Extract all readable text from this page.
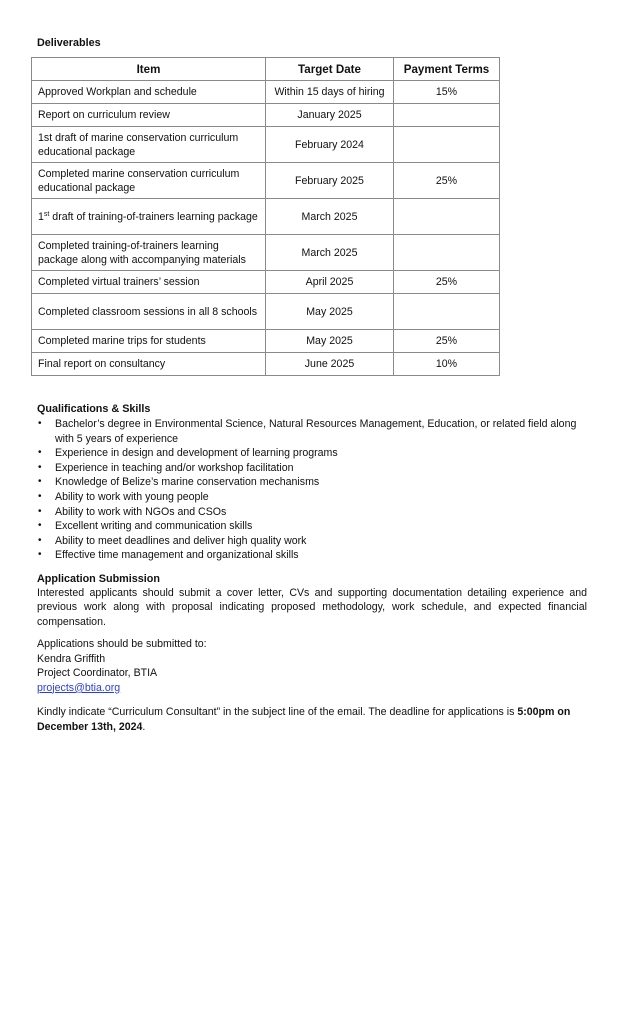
Deliverables

Item	Target Date	Payment Terms
Approved Workplan and schedule	Within 15 days of hiring	15%
Report on curriculum review	January 2025	
1st draft of marine conservation curriculum educational package	February 2024	
Completed marine conservation curriculum educational package	February 2025	25%
1st draft of training-of-trainers learning package	March 2025	
Completed training-of-trainers learning package along with accompanying materials	March 2025	
Completed virtual trainers’ session	April 2025	25%
Completed classroom sessions in all 8 schools	May 2025	
Completed marine trips for students	May 2025	25%
Final report on consultancy	June 2025	10%

Qualifications & Skills

• Bachelor’s degree in Environmental Science, Natural Resources Management, Education, or related field along with 5 years of experience
• Experience in design and development of learning programs
• Experience in teaching and/or workshop facilitation
• Knowledge of Belize’s marine conservation mechanisms
• Ability to work with young people
• Ability to work with NGOs and CSOs
• Excellent writing and communication skills
• Ability to meet deadlines and deliver high quality work
• Effective time management and organizational skills

Application Submission

Interested applicants should submit a cover letter, CVs and supporting documentation detailing experience and previous work along with proposal indicating proposed methodology, work schedule, and expected financial compensation.

Applications should be submitted to:
Kendra Griffith
Project Coordinator, BTIA
projects@btia.org
Kindly indicate “Curriculum Consultant” in the subject line of the email. The deadline for applications is 5:00pm on December 13th, 2024.
